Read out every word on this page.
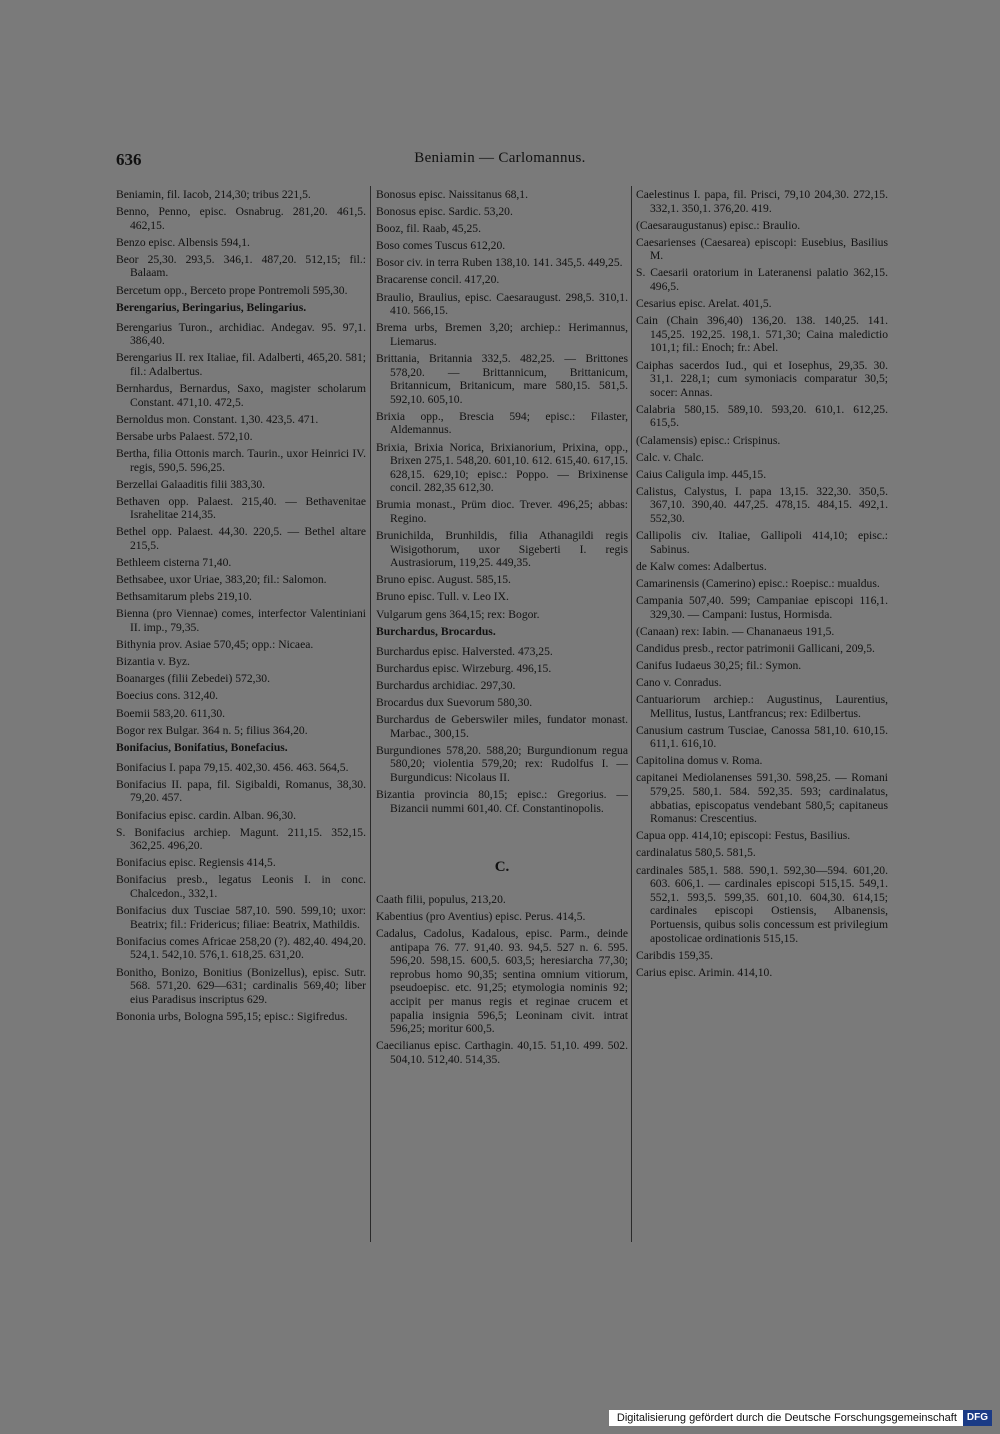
636	Beniamin — Carlomannus.
Beniamin, fil. Iacob, 214,30; tribus 221,5.
Benno, Penno, episc. Osnabrug. 281,20. 461,5. 462,15.
Benzo episc. Albensis 594,1.
Beor 25,30. 293,5. 346,1. 487,20. 512,15; fil.: Balaam.
Bercetum opp., Berceto prope Pontremoli 595,30.
Berengarius, Beringarius, Belingarius.
Berengarius Turon., archidiac. Andegav. 95. 97,1. 386,40.
Berengarius II. rex Italiae, fil. Adalberti, 465,20. 581; fil.: Adalbertus.
Bernhardus, Bernardus, Saxo, magister scholarum Constant. 471,10. 472,5.
Bernoldus mon. Constant. 1,30. 423,5. 471.
Bersabe urbs Palaest. 572,10.
Bertha, filia Ottonis march. Taurin., uxor Heinrici IV. regis, 590,5. 596,25.
Berzellai Galaaditis filii 383,30.
Bethaven opp. Palaest. 215,40. — Bethavenitae Israhelitae 214,35.
Bethel opp. Palaest. 44,30. 220,5. — Bethel altare 215,5.
Bethleem cisterna 71,40.
Bethsabee, uxor Uriae, 383,20; fil.: Salomon.
Bethsamitarum plebs 219,10.
Bienna (pro Viennae) comes, interfector Valentiniani II. imp., 79,35.
Bithynia prov. Asiae 570,45; opp.: Nicaea.
Bizantia v. Byz.
Boanarges (filii Zebedei) 572,30.
Boecius cons. 312,40.
Boemii 583,20. 611,30.
Bogor rex Bulgar. 364 n. 5; filius 364,20.
Bonifacius, Bonifatius, Bonefacius.
Bonifacius I. papa 79,15. 402,30. 456. 463. 564,5.
Bonifacius II. papa, fil. Sigibaldi, Romanus, 38,30. 79,20. 457.
Bonifacius episc. cardin. Alban. 96,30.
S. Bonifacius archiep. Magunt. 211,15. 352,15. 362,25. 496,20.
Bonifacius episc. Regiensis 414,5.
Bonifacius presb., legatus Leonis I. in conc. Chalcedon., 332,1.
Bonifacius dux Tusciae 587,10. 590. 599,10; uxor: Beatrix; fil.: Fridericus; filiae: Beatrix, Mathildis.
Bonifacius comes Africae 258,20 (?). 482,40. 494,20. 524,1. 542,10. 576,1. 618,25. 631,20.
Bonitho, Bonizo, Bonitius (Bonizellus), episc. Sutr. 568. 571,20. 629—631; cardinalis 569,40; liber eius Paradisus inscriptus 629.
Bononia urbs, Bologna 595,15; episc.: Sigifredus.
Bonosus episc. Naissitanus 68,1.
Bonosus episc. Sardic. 53,20.
Booz, fil. Raab, 45,25.
Boso comes Tuscus 612,20.
Bosor civ. in terra Ruben 138,10. 141. 345,5. 449,25.
Bracarense concil. 417,20.
Braulio, Braulius, episc. Caesaraugust. 298,5. 310,1. 410. 566,15.
Brema urbs, Bremen 3,20; archiep.: Herimannus, Liemarus.
Brittania, Britannia 332,5. 482,25. — Brittones 578,20. — Brittannicum, Brittanicum, Britannicum, Britanicum, mare 580,15. 581,5. 592,10. 605,10.
Brixia opp., Brescia 594; episc.: Filaster, Aldemannus.
Brixia, Brixia Norica, Brixianorium, Prixina, opp., Brixen 275,1. 548,20. 601,10. 612. 615,40. 617,15. 628,15. 629,10; episc.: Poppo. — Brixinense concil. 282,35 612,30.
Brumia monast., Prüm dioc. Trever. 496,25; abbas: Regino.
Brunichilda, Brunhildis, filia Athanagildi regis Wisigothorum, uxor Sigeberti I. regis Austrasiorum, 119,25. 449,35.
Bruno episc. August. 585,15.
Bruno episc. Tull. v. Leo IX.
Vulgarum gens 364,15; rex: Bogor.
Burchardus, Brocardus.
Burchardus episc. Halversted. 473,25.
Burchardus episc. Wirzeburg. 496,15.
Burchardus archidiac. 297,30.
Brocardus dux Suevorum 580,30.
Burchardus de Geberswiler miles, fundator monast. Marbac., 300,15.
Burgundiones 578,20. 588,20; Burgundionum regua 580,20; violentia 579,20; rex: Rudolfus I. — Burgundicus: Nicolaus II.
Bizantia provincia 80,15; episc.: Gregorius. — Bizancii nummi 601,40. Cf. Constantinopolis.
C.
Caath filii, populus, 213,20.
Kabentius (pro Aventius) episc. Perus. 414,5.
Cadalus, Cadolus, Kadalous, episc. Parm., deinde antipapa 76. 77. 91,40. 93. 94,5. 527 n. 6. 595. 596,20. 598,15. 600,5. 603,5; heresiarcha 77,30; reprobus homo 90,35; sentina omnium vitiorum, pseudoepisc. etc. 91,25; etymologia nominis 92; accipit per manus regis et reginae crucem et papalia insignia 596,5; Leoninam civit. intrat 596,25; moritur 600,5.
Caecilianus episc. Carthagin. 40,15. 51,10. 499. 502. 504,10. 512,40. 514,35.
Caelestinus I. papa, fil. Prisci, 79,10 204,30. 272,15. 332,1. 350,1. 376,20. 419.
(Caesaraugustanus) episc.: Braulio.
Caesarienses (Caesarea) episcopi: Eusebius, Basilius M.
S. Caesarii oratorium in Lateranensi palatio 362,15. 496,5.
Cesarius episc. Arelat. 401,5.
Cain (Chain 396,40) 136,20. 138. 140,25. 141. 145,25. 192,25. 198,1. 571,30; Caina maledictio 101,1; fil.: Enoch; fr.: Abel.
Caiphas sacerdos Iud., qui et Iosephus, 29,35. 30. 31,1. 228,1; cum symoniacis comparatur 30,5; socer: Annas.
Calabria 580,15. 589,10. 593,20. 610,1. 612,25. 615,5.
(Calamensis) episc.: Crispinus.
Calc. v. Chalc.
Caius Caligula imp. 445,15.
Calistus, Calystus, I. papa 13,15. 322,30. 350,5. 367,10. 390,40. 447,25. 478,15. 484,15. 492,1. 552,30.
Callipolis civ. Italiae, Gallipoli 414,10; episc.: Sabinus.
de Kalw comes: Adalbertus.
Camarinensis (Camerino) episc.: Roepisc.: mualdus.
Campania 507,40. 599; Campaniae episcopi 116,1. 329,30. — Campani: Iustus, Hormisda.
(Canaan) rex: Iabin. — Chananaeus 191,5.
Candidus presb., rector patrimonii Gallicani, 209,5.
Canifus Iudaeus 30,25; fil.: Symon.
Cano v. Conradus.
Cantuariorum archiep.: Augustinus, Laurentius, Mellitus, Iustus, Lantfrancus; rex: Edilbertus.
Canusium castrum Tusciae, Canossa 581,10. 610,15. 611,1. 616,10.
Capitolina domus v. Roma.
capitanei Mediolanenses 591,30. 598,25. — Romani 579,25. 580,1. 584. 592,35. 593; cardinalatus, abbatias, episcopatus vendebant 580,5; capitaneus Romanus: Crescentius.
Capua opp. 414,10; episcopi: Festus, Basilius.
cardinalatus 580,5. 581,5.
cardinales 585,1. 588. 590,1. 592,30—594. 601,20. 603. 606,1. — cardinales episcopi 515,15. 549,1. 552,1. 593,5. 599,35. 601,10. 604,30. 614,15; cardinales episcopi Ostiensis, Albanensis, Portuensis, quibus solis concessum est privilegium apostolicae ordinationis 515,15.
Caribdis 159,35.
Carius episc. Arimin. 414,10.
Digitalisierung gefördert durch die Deutsche Forschungsgemeinschaft	DFG
